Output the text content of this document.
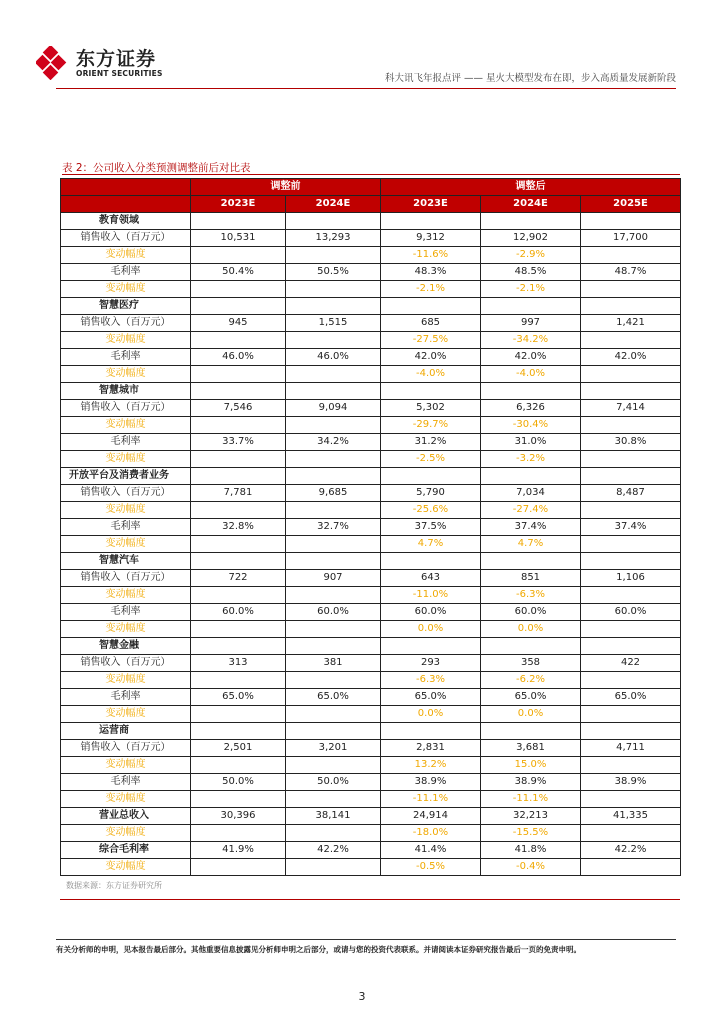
东方证券
ORIENT SECURITIES	科大讯飞年报点评 —— 星火大模型发布在即，步入高质量发展新阶段
表 2：公司收入分类预测调整前后对比表
	调整前		调整后		
	2023E	2024E	2023E	2024E	2025E
教育领域					
销售收入（百万元）	10,531	13,293	9,312	12,902	17,700
变动幅度			-11.6%	-2.9%	
毛利率	50.4%	50.5%	48.3%	48.5%	48.7%
变动幅度			-2.1%	-2.1%	
智慧医疗					
销售收入（百万元）	945	1,515	685	997	1,421
变动幅度			-27.5%	-34.2%	
毛利率	46.0%	46.0%	42.0%	42.0%	42.0%
变动幅度			-4.0%	-4.0%	
智慧城市					
销售收入（百万元）	7,546	9,094	5,302	6,326	7,414
变动幅度			-29.7%	-30.4%	
毛利率	33.7%	34.2%	31.2%	31.0%	30.8%
变动幅度			-2.5%	-3.2%	
开放平台及消费者业务					
销售收入（百万元）	7,781	9,685	5,790	7,034	8,487
变动幅度			-25.6%	-27.4%	
毛利率	32.8%	32.7%	37.5%	37.4%	37.4%
变动幅度			4.7%	4.7%	
智慧汽车					
销售收入（百万元）	722	907	643	851	1,106
变动幅度			-11.0%	-6.3%	
毛利率	60.0%	60.0%	60.0%	60.0%	60.0%
变动幅度			0.0%	0.0%	
智慧金融					
销售收入（百万元）	313	381	293	358	422
变动幅度			-6.3%	-6.2%	
毛利率	65.0%	65.0%	65.0%	65.0%	65.0%
变动幅度			0.0%	0.0%	
运营商					
销售收入（百万元）	2,501	3,201	2,831	3,681	4,711
变动幅度			13.2%	15.0%	
毛利率	50.0%	50.0%	38.9%	38.9%	38.9%
变动幅度			-11.1%	-11.1%	
营业总收入	30,396	38,141	24,914	32,213	41,335
变动幅度			-18.0%	-15.5%	
综合毛利率	41.9%	42.2%	41.4%	41.8%	42.2%
变动幅度			-0.5%	-0.4%	
数据来源：东方证券研究所
有关分析师的申明，见本报告最后部分。其他重要信息披露见分析师申明之后部分，或请与您的投资代表联系。并请阅读本证券研究报告最后一页的免责申明。
3
